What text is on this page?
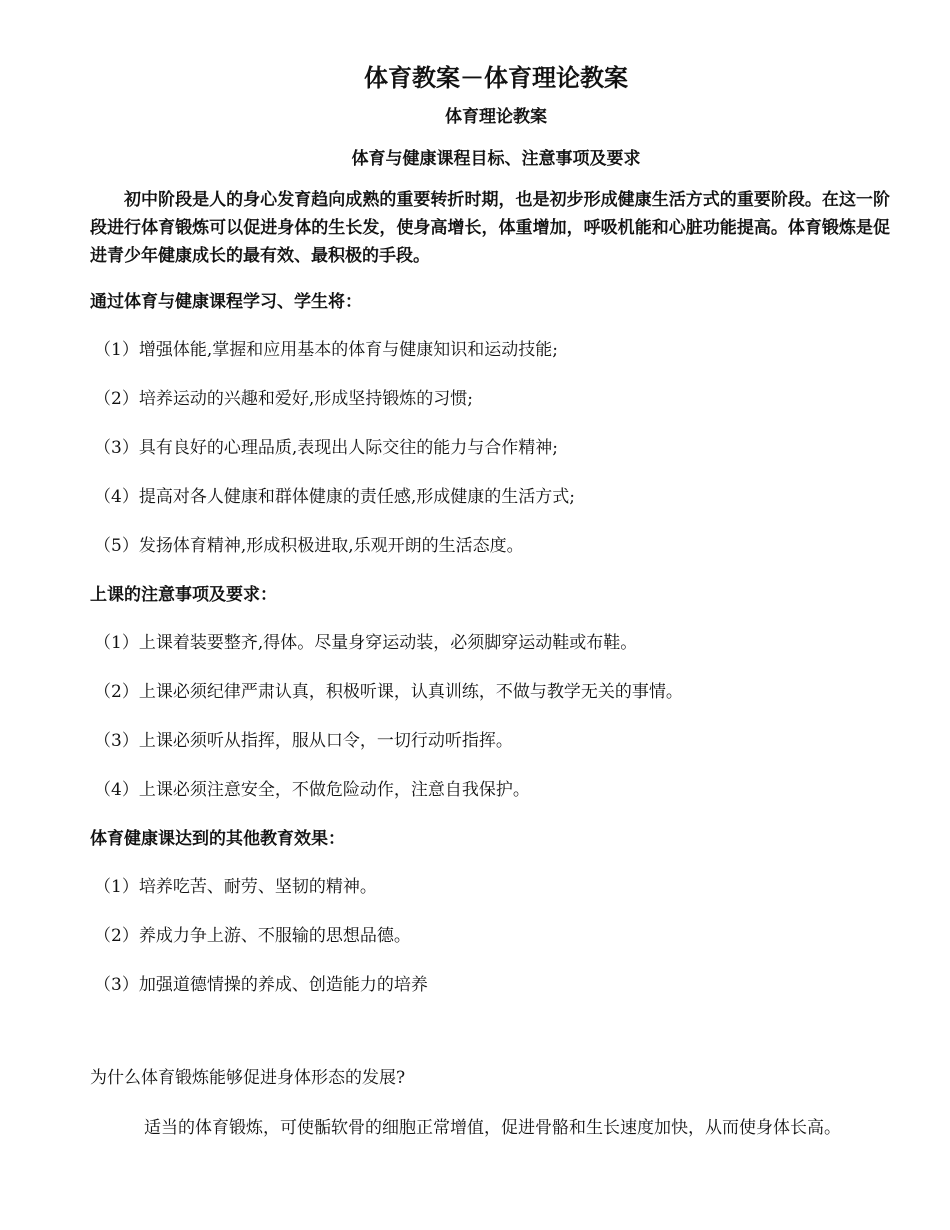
体育教案－体育理论教案
体育理论教案
体育与健康课程目标、注意事项及要求

初中阶段是人的身心发育趋向成熟的重要转折时期，也是初步形成健康生活方式的重要阶段。在这一阶段进行体育锻炼可以促进身体的生长发，使身高增长，体重增加，呼吸机能和心脏功能提高。体育锻炼是促进青少年健康成长的最有效、最积极的手段。

通过体育与健康课程学习、学生将：
（1）增强体能,掌握和应用基本的体育与健康知识和运动技能;
（2）培养运动的兴趣和爱好,形成坚持锻炼的习惯;
（3）具有良好的心理品质,表现出人际交往的能力与合作精神;
（4）提高对各人健康和群体健康的责任感,形成健康的生活方式;
（5）发扬体育精神,形成积极进取,乐观开朗的生活态度。
上课的注意事项及要求：
（1）上课着装要整齐,得体。尽量身穿运动装，必须脚穿运动鞋或布鞋。
（2）上课必须纪律严肃认真，积极听课，认真训练，不做与教学无关的事情。
（3）上课必须听从指挥，服从口令，一切行动听指挥。
（4）上课必须注意安全，不做危险动作，注意自我保护。
体育健康课达到的其他教育效果：
（1）培养吃苦、耐劳、坚韧的精神。
（2）养成力争上游、不服输的思想品德。
（3）加强道德情操的养成、创造能力的培养
为什么体育锻炼能够促进身体形态的发展?
适当的体育锻炼，可使骺软骨的细胞正常增值，促进骨骼和生长速度加快，从而使身体长高。
